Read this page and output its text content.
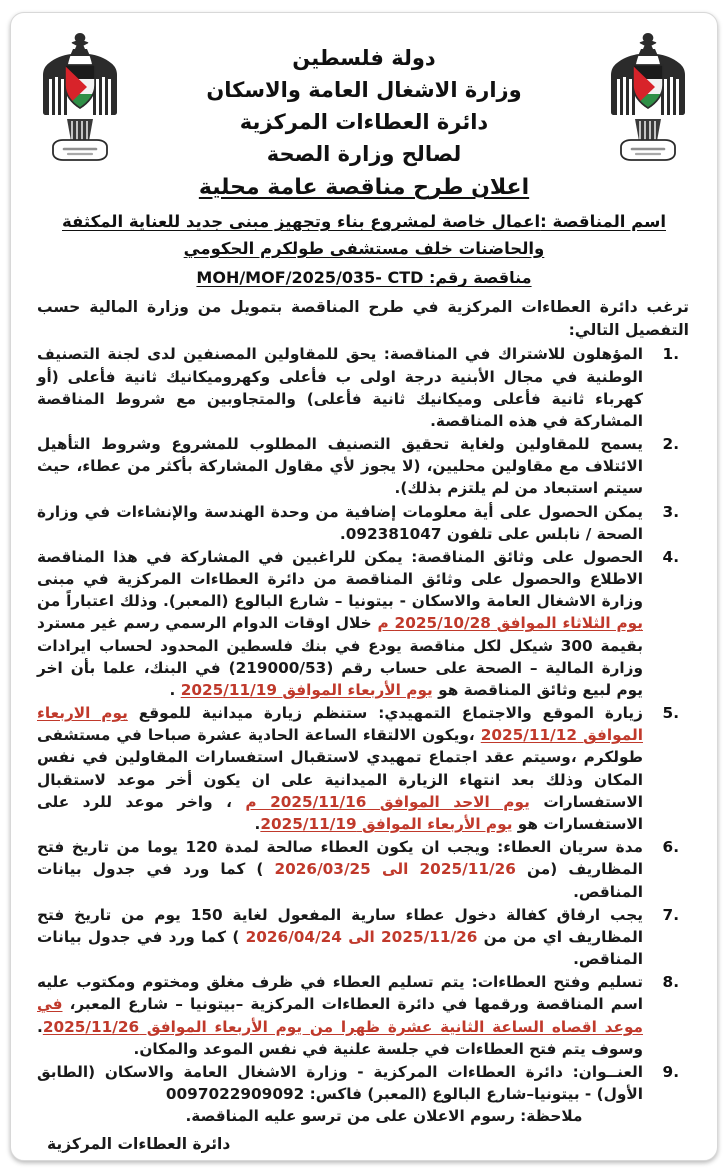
دولة فلسطين
وزارة الاشغال العامة والاسكان
دائرة العطاءات المركزية
لصالح وزارة الصحة
اعلان طرح مناقصة عامة محلية
اسم المناقصة :اعمال خاصة لمشروع بناء وتجهيز مبنى جديد للعناية المكثفة والحاضنات خلف مستشفى طولكرم الحكومي
مناقصة رقم: MOH/MOF/2025/035- CTD

ترغب دائرة العطاءات المركزية في طرح المناقصة بتمويل من وزارة المالية حسب التفصيل التالي:

المؤهلون للاشتراك في المناقصة: يحق للمقاولين المصنفين لدى لجنة التصنيف الوطنية في مجال الأبنية درجة اولى ب فأعلى وكهروميكانيك ثانية فأعلى (أو كهرباء ثانية فأعلى وميكانيك ثانية فأعلى) والمتجاوبين مع شروط المناقصة المشاركة في هذه المناقصة.
يسمح للمقاولين ولغاية تحقيق التصنيف المطلوب للمشروع وشروط التأهيل الائتلاف مع مقاولين محليين، (لا يجوز لأي مقاول المشاركة بأكثر من عطاء، حيث سيتم استبعاد من لم يلتزم بذلك).
يمكن الحصول على أية معلومات إضافية من وحدة الهندسة والإنشاءات في وزارة الصحة / نابلس على تلفون 092381047.
الحصول على وثائق المناقصة: يمكن للراغبين في المشاركة في هذا المناقصة الاطلاع والحصول على وثائق المناقصة من دائرة العطاءات المركزية في مبنى وزارة الاشغال العامة والاسكان - بيتونيا – شارع البالوع (المعبر). وذلك اعتباراً من يوم الثلاثاء الموافق 2025/10/28 م خلال اوقات الدوام الرسمي رسم غير مسترد بقيمة 300 شيكل لكل مناقصة يودع في بنك فلسطين المحدود لحساب ايرادات وزارة المالية – الصحة على حساب رقم (219000/53) في البنك، علما بأن اخر يوم لبيع وثائق المناقصة هو يوم الأربعاء الموافق 2025/11/19 .
زيارة الموقع والاجتماع التمهيدي: ستنظم زيارة ميدانية للموقع يوم الاربعاء الموافق 2025/11/12 ،ويكون الالتقاء الساعة الحادية عشرة صباحا في مستشفى طولكرم ،وسيتم عقد اجتماع تمهيدي لاستقبال استفسارات المقاولين في نفس المكان وذلك بعد انتهاء الزيارة الميدانية على ان يكون أخر موعد لاستقبال الاستفسارات يوم الاحد الموافق 2025/11/16 م ، واخر موعد للرد على الاستفسارات هو يوم الأربعاء الموافق 2025/11/19.
مدة سريان العطاء: ويجب ان يكون العطاء صالحة لمدة 120 يوما من تاريخ فتح المظاريف (من 2025/11/26 الى 2026/03/25 ) كما ورد في جدول بيانات المناقص.
يجب ارفاق كفالة دخول عطاء سارية المفعول لغاية 150 يوم من تاريخ فتح المظاريف اي من من 2025/11/26 الى 2026/04/24 ) كما ورد في جدول بيانات المناقص.
تسليم وفتح العطاءات: يتم تسليم العطاء في ظرف مغلق ومختوم ومكتوب عليه اسم المناقصة ورقمها في دائرة العطاءات المركزية –بيتونيا – شارع المعبر، في موعد اقصاه الساعة الثانية عشرة ظهرا من يوم الأربعاء الموافق 2025/11/26. وسوف يتم فتح العطاءات في جلسة علنية في نفس الموعد والمكان.
العنــوان: دائرة العطاءات المركزية - وزارة الاشغال العامة والاسكان (الطابق الأول) - بيتونيا–شارع البالوع (المعبر) فاكس: 0097022909092
ملاحظة: رسوم الاعلان على من ترسو عليه المناقصة.
دائرة العطاءات المركزية
